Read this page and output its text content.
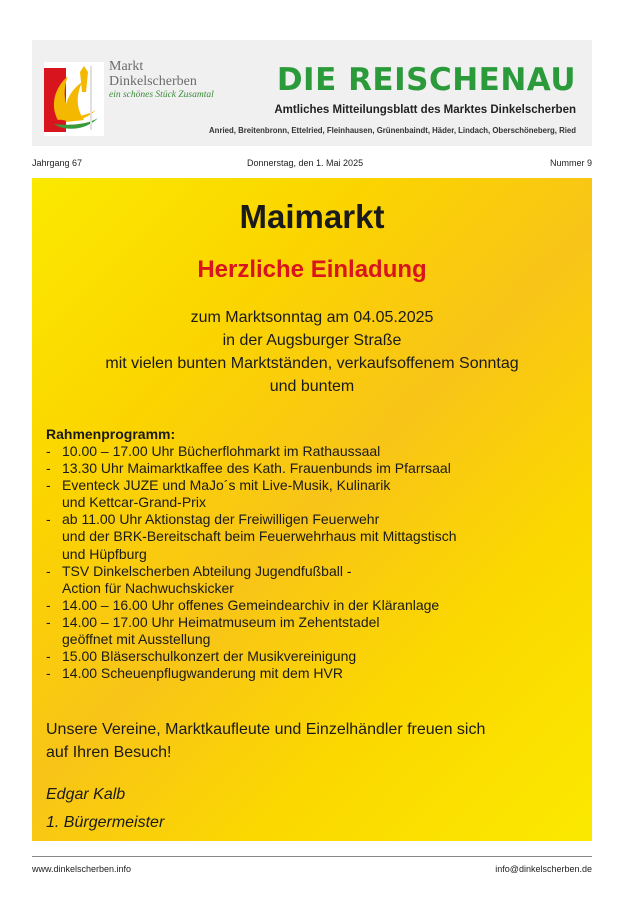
Markt
Dinkelscherben
ein schönes Stück Zusamtal DIE REISCHENAU
Amtliches Mitteilungsblatt des Marktes Dinkelscherben
Anried, Breitenbronn, Ettelried, Fleinhausen, Grünenbaindt, Häder, Lindach, Oberschöneberg, Ried
Jahrgang 67	Donnerstag, den 1. Mai 2025	Nummer 9
Maimarkt
Herzliche Einladung
zum Marktsonntag am 04.05.2025
in der Augsburger Straße
mit vielen bunten Marktständen, verkaufsoffenem Sonntag
und buntem
Rahmenprogramm:
- 10.00 – 17.00 Uhr Bücherflohmarkt im Rathaussaal
- 13.30 Uhr Maimarktkaffee des Kath. Frauenbunds im Pfarrsaal
- Eventeck JUZE und MaJo´s mit Live-Musik, Kulinarik
und Kettcar-Grand-Prix
- ab 11.00 Uhr Aktionstag der Freiwilligen Feuerwehr
und der BRK-Bereitschaft beim Feuerwehrhaus mit Mittagstisch
und Hüpfburg
- TSV Dinkelscherben Abteilung Jugendfußball -
Action für Nachwuchskicker
- 14.00 – 16.00 Uhr offenes Gemeindearchiv in der Kläranlage
- 14.00 – 17.00 Uhr Heimatmuseum im Zehentstadel
geöffnet mit Ausstellung
- 15.00 Bläserschulkonzert der Musikvereinigung
- 14.00 Scheuenpflugwanderung mit dem HVR
Unsere Vereine, Marktkaufleute und Einzelhändler freuen sich
auf Ihren Besuch!
Edgar Kalb
1. Bürgermeister
www.dinkelscherben.info	info@dinkelscherben.de
